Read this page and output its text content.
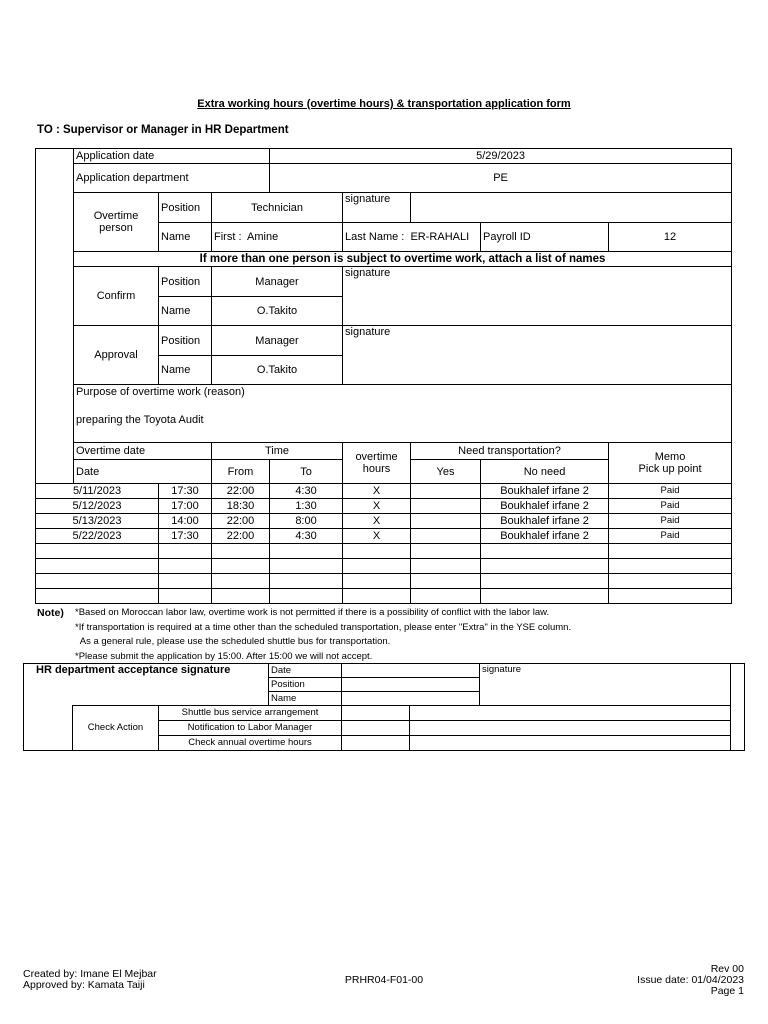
Extra working hours (overtime hours) & transportation application form
TO : Supervisor or Manager in HR Department
	Application date			5/29/2023					
	Application department			PE					
	Overtime person	Position	Technician		signature				
		Name	First : Amine		Last Name : ER-RAHALI		Payroll ID	12	
	If more than one person is subject to overtime work, attach a list of names								
	Confirm	Position	Manager		signature				
		Name	O.Takito						
	Approval	Position	Manager		signature				
		Name	O.Takito						

	Purpose of overtime work (reason)
preparing the Toyota Audit								

	Overtime date		Time		overtime hours	Need transportation?		Memo
Pick up point

	Date		From	To		Yes	No need		
5/11/2023		17:30	22:00	4:30	X		Boukhalef irfane 2	Paid	
5/12/2023		17:00	18:30	1:30	X		Boukhalef irfane 2	Paid	
5/13/2023		14:00	22:00	8:00	X		Boukhalef irfane 2	Paid	
5/22/2023		17:30	22:00	4:30	X		Boukhalef irfane 2	Paid	

Note) *Based on Moroccan labor law, overtime work is not permitted if there is a possibility of conflict with the labor law.
*If transportation is required at a time other than the scheduled transportation, please enter "Extra" in the YSE column.
As a general rule, please use the scheduled shuttle bus for transportation.
*Please submit the application by 15:00. After 15:00 we will not accept.
HR department acceptance signature			Date			signature	
			Position				
			Name				
	Check Action	Shuttle bus service arrangement					
		Notification to Labor Manager					
		Check annual overtime hours					
Created by: Imane El Mejbar
Approved by: Kamata Taiji	PRHR04-F01-00
Rev 00
Issue date: 01/04/2023
Page 1
